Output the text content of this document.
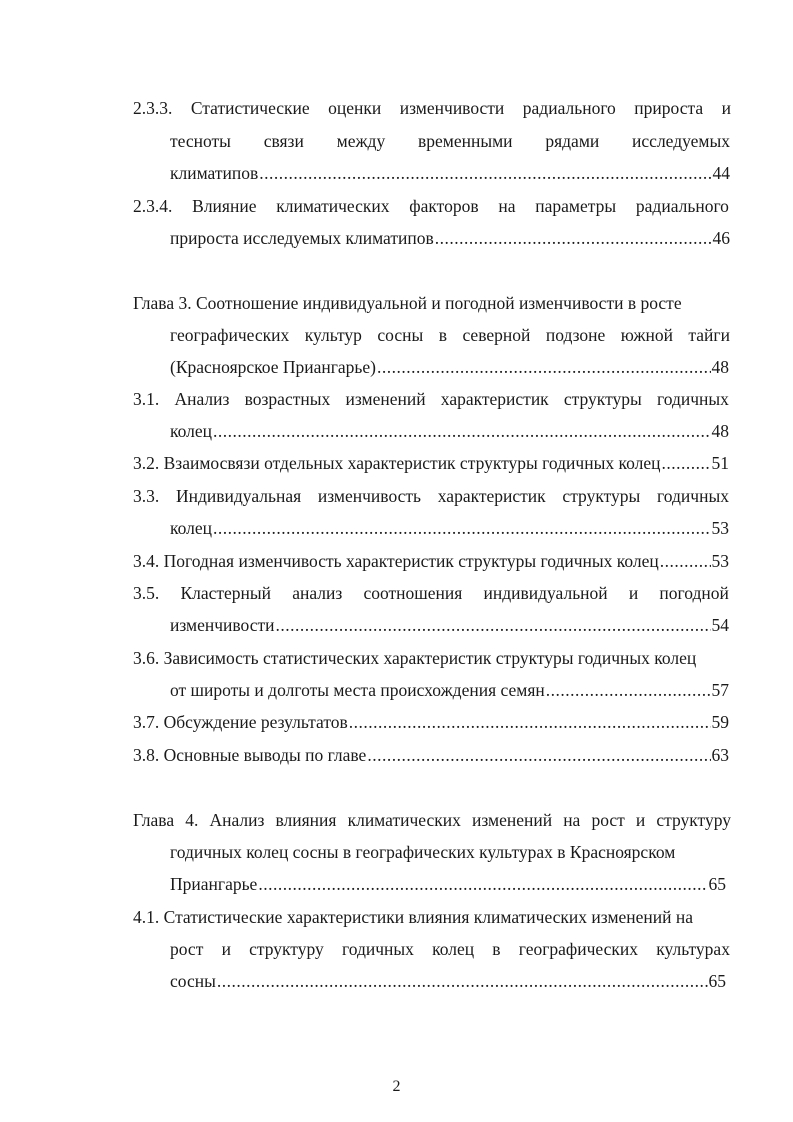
2.3.3. Статистические оценки изменчивости радиального прироста и
тесноты связи между временными рядами исследуемых
климатипов .....	44
2.3.4. Влияние климатических факторов на параметры радиального
прироста исследуемых климатипов .....	46
Глава 3. Соотношение индивидуальной и погодной изменчивости в росте
географических культур сосны в северной подзоне южной тайги
(Красноярское Приангарье) .....	48
3.1. Анализ возрастных изменений характеристик структуры годичных
колец .....	48
3.2. Взаимосвязи отдельных характеристик структуры годичных колец .....	51
3.3. Индивидуальная изменчивость характеристик структуры годичных
колец .....	53
3.4. Погодная изменчивость характеристик структуры годичных колец .....	53
3.5. Кластерный анализ соотношения индивидуальной и погодной
изменчивости .....	54
3.6. Зависимость статистических характеристик структуры годичных колец
от широты и долготы места происхождения семян .....	57
3.7. Обсуждение результатов .....	59
3.8. Основные выводы по главе .....	63
Глава 4. Анализ влияния климатических изменений на рост и структуру
годичных колец сосны в географических культурах в Красноярском
Приангарье .....	65
4.1. Статистические характеристики влияния климатических изменений на
рост и структуру годичных колец в географических культурах
сосны .....	65
2
